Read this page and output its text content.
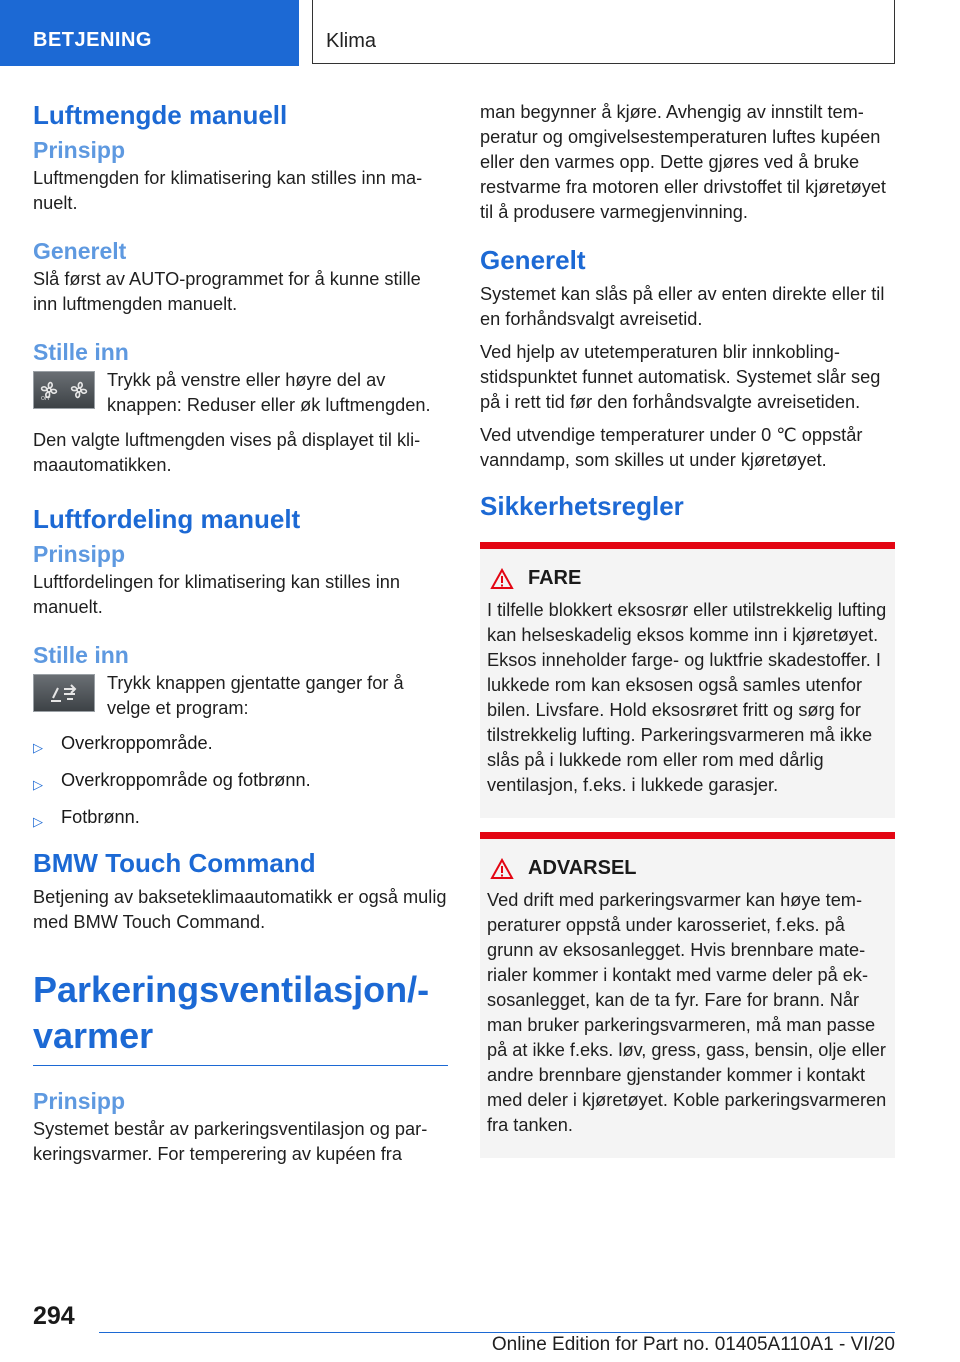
BETJENING	Klima
Luftmengde manuell
Prinsipp

Luftmengden for klimatisering kan stilles inn manuelt.

Generelt

Slå først av AUTO-programmet for å kunne stille inn luftmengden manuelt.

Stille inn
OFF

Trykk på venstre eller høyre del av knappen: Reduser eller øk luftmengden.

Den valgte luftmengden vises på displayet til klimaautomatikken.

Luftfordeling manuelt
Prinsipp

Luftfordelingen for klimatisering kan stilles inn manuelt.

Stille inn

Trykk knappen gjentatte ganger for å velge et program:

▷ Overkroppområde.
▷ Overkroppområde og fotbrønn.
▷ Fotbrønn.
BMW Touch Command

Betjening av bakseteklimaautomatikk er også mulig med BMW Touch Command.

Parkeringsventilasjon/-varmer
Prinsipp

Systemet består av parkeringsventilasjon og parkeringsvarmer. For temperering av kupéen fra

man begynner å kjøre. Avhengig av innstilt temperatur og omgivelsestemperaturen luftes kupéen eller den varmes opp. Dette gjøres ved å bruke restvarme fra motoren eller drivstoffet til kjøretøyet til å produsere varmegjenvinning.

Generelt

Systemet kan slås på eller av enten direkte eller til en forhåndsvalgt avreisetid.

Ved hjelp av utetemperaturen blir innkoblingstidspunktet funnet automatisk. Systemet slår seg på i rett tid før den forhåndsvalgte avreisetiden.

Ved utvendige temperaturer under 0 ℃ oppstår vanndamp, som skilles ut under kjøretøyet.

Sikkerhetsregler
FARE

I tilfelle blokkert eksosrør eller utilstrekkelig lufting kan helseskadelig eksos komme inn i kjøretøyet. Eksos inneholder farge- og luktfrie skadestoffer. I lukkede rom kan eksosen også samles utenfor bilen. Livsfare. Hold eksosrøret fritt og sørg for tilstrekkelig lufting. Parkeringsvarmeren må ikke slås på i lukkede rom eller rom med dårlig ventilasjon, f.eks. i lukkede garasjer.

ADVARSEL

Ved drift med parkeringsvarmer kan høye temperaturer oppstå under karosseriet, f.eks. på grunn av eksosanlegget. Hvis brennbare materialer kommer i kontakt med varme deler på eksosanlegget, kan de ta fyr. Fare for brann. Når man bruker parkeringsvarmeren, må man passe på at ikke f.eks. løv, gress, gass, bensin, olje eller andre brennbare gjenstander kommer i kontakt med deler i kjøretøyet. Koble parkeringsvarmeren fra tanken.

294
Online Edition for Part no. 01405A110A1 - VI/20
